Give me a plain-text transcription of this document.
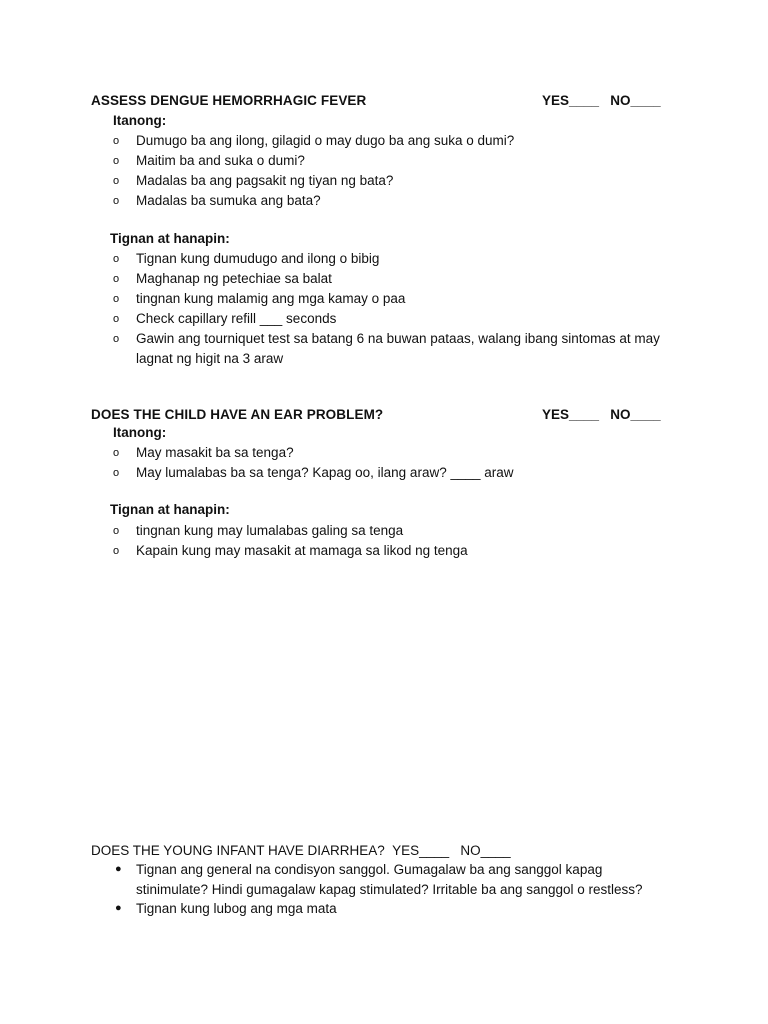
ASSESS DENGUE HEMORRHAGIC FEVER	YES____   NO____
Itanong:
o Dumugo ba ang ilong, gilagid o may dugo ba ang suka o dumi?
o Maitim ba and suka o dumi?
o Madalas ba ang pagsakit ng tiyan ng bata?
o Madalas ba sumuka ang bata?
Tignan at hanapin:
o Tignan kung dumudugo and ilong o bibig
o Maghanap ng petechiae sa balat
o tingnan kung malamig ang mga kamay o paa
o Check capillary refill ___ seconds
o Gawin ang tourniquet test sa batang 6 na buwan pataas, walang ibang sintomas at may lagnat ng higit na 3 araw
DOES THE CHILD HAVE AN EAR PROBLEM?	YES____   NO____
Itanong:
o May masakit ba sa tenga?
o May lumalabas ba sa tenga? Kapag oo, ilang araw? ____ araw
Tignan at hanapin:
o tingnan kung may lumalabas galing sa tenga
o Kapain kung may masakit at mamaga sa likod ng tenga
DOES THE YOUNG INFANT HAVE DIARRHEA?  YES____   NO____
● Tignan ang general na condisyon sanggol. Gumagalaw ba ang sanggol kapag stinimulate? Hindi gumagalaw kapag stimulated? Irritable ba ang sanggol o restless?
● Tignan kung lubog ang mga mata
